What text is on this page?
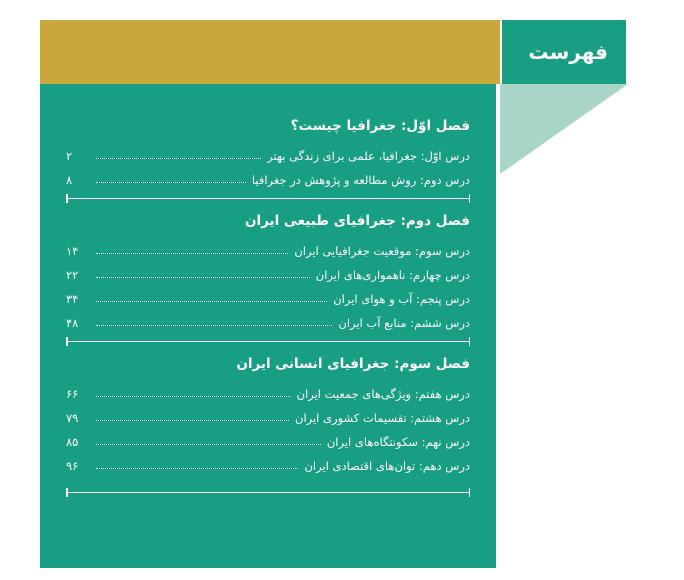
فهرست
فصل اوّل: جغرافیا چیست؟
درس اوّل: جغرافیا، علمی برای زندگی بهتر
۲
درس دوم: روش مطالعه و پژوهش در جغرافیا
۸
فصل دوم: جغرافیای طبیعی ایران
درس سوم: موقعیت جغرافیایی ایران
۱۴
درس چهارم: ناهمواری‌های ایران
۲۲
درس پنجم: آب و هوای ایران
۳۴
درس ششم: منابع آب ایران
۴۸
فصل سوم: جغرافیای انسانی ایران
درس هفتم: ویژگی‌های جمعیت ایران
۶۶
درس هشتم: تقسیمات کشوری ایران
۷۹
درس نهم: سکونتگاه‌های ایران
۸۵
درس دهم: توان‌های اقتصادی ایران
۹۶
